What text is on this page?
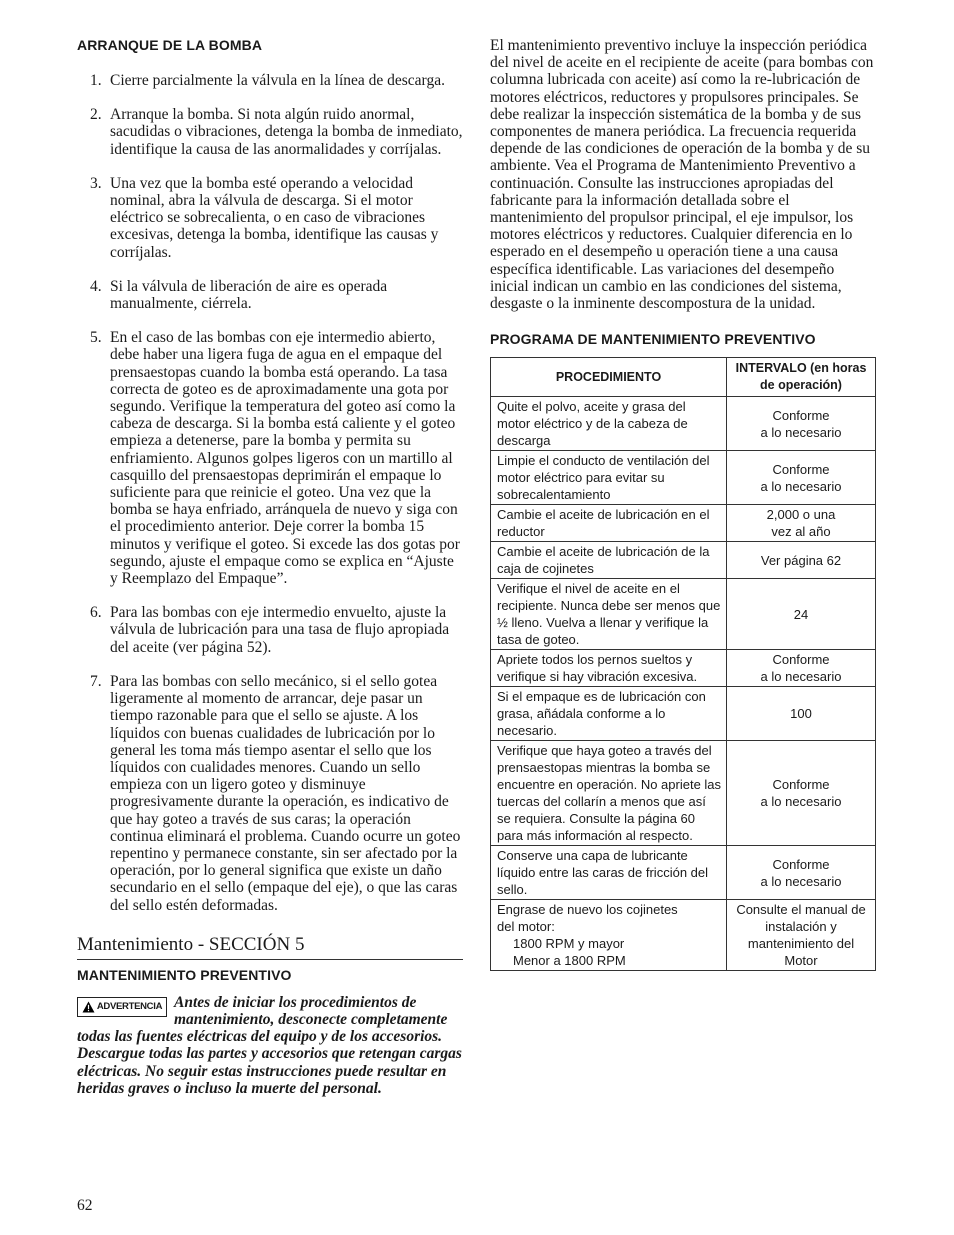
ARRANQUE DE LA BOMBA
1. Cierre parcialmente la válvula en la línea de descarga.
2. Arranque la bomba. Si nota algún ruido anormal, sacudidas o vibraciones, detenga la bomba de inmediato, identifique la causa de las anormalidades y corríjalas.
3. Una vez que la bomba esté operando a velocidad nominal, abra la válvula de descarga. Si el motor eléctrico se sobrecalienta, o en caso de vibraciones excesivas, detenga la bomba, identifique las causas y corríjalas.
4. Si la válvula de liberación de aire es operada manualmente, ciérrela.
5. En el caso de las bombas con eje intermedio abierto, debe haber una ligera fuga de agua en el empaque del prensaestopas cuando la bomba está operando. La tasa correcta de goteo es de aproximadamente una gota por segundo. Verifique la temperatura del goteo así como la cabeza de descarga. Si la bomba está caliente y el goteo empieza a detenerse, pare la bomba y permita su enfriamiento. Algunos golpes ligeros con un martillo al casquillo del prensaestopas deprimirán el empaque lo suficiente para que reinicie el goteo. Una vez que la bomba se haya enfriado, arránquela de nuevo y siga con el procedimiento anterior. Deje correr la bomba 15 minutos y verifique el goteo. Si excede las dos gotas por segundo, ajuste el empaque como se explica en “Ajuste y Reemplazo del Empaque”.
6. Para las bombas con eje intermedio envuelto, ajuste la válvula de lubricación para una tasa de flujo apropiada del aceite (ver página 52).
7. Para las bombas con sello mecánico, si el sello gotea ligeramente al momento de arrancar, deje pasar un tiempo razonable para que el sello se ajuste. A los líquidos con buenas cualidades de lubricación por lo general les toma más tiempo asentar el sello que los líquidos con cualidades menores. Cuando un sello empieza con un ligero goteo y disminuye progresivamente durante la operación, es indicativo de que hay goteo a través de sus caras; la operación continua eliminará el problema. Cuando ocurre un goteo repentino y permanece constante, sin ser afectado por la operación, por lo general significa que existe un daño secundario en el sello (empaque del eje), o que las caras del sello estén deformadas.
Mantenimiento - SECCIÓN 5
MANTENIMIENTO PREVENTIVO
ADVERTENCIA Antes de iniciar los procedimientos de mantenimiento, desconecte completamente todas las fuentes eléctricas del equipo y de los accesorios. Descargue todas las partes y accesorios que retengan cargas eléctricas. No seguir estas instrucciones puede resultar en heridas graves o incluso la muerte del personal.
62
El mantenimiento preventivo incluye la inspección periódica del nivel de aceite en el recipiente de aceite (para bombas con columna lubricada con aceite) así como la re-lubricación de motores eléctricos, reductores y propulsores principales. Se debe realizar la inspección sistemática de la bomba y de sus componentes de manera periódica. La frecuencia requerida depende de las condiciones de operación de la bomba y de su ambiente. Vea el Programa de Mantenimiento Preventivo a continuación. Consulte las instrucciones apropiadas del fabricante para la información detallada sobre el mantenimiento del propulsor principal, el eje impulsor, los motores eléctricos y reductores. Cualquier diferencia en lo esperado en el desempeño u operación tiene a una causa específica identificable. Las variaciones del desempeño inicial indican un cambio en las condiciones del sistema, desgaste o la inminente descompostura de la unidad.
PROGRAMA DE MANTENIMIENTO PREVENTIVO
PROCEDIMIENTO	INTERVALO (en horas de operación)
Quite el polvo, aceite y grasa del motor eléctrico y de la cabeza de descarga	Conforme
a lo necesario

Limpie el conducto de ventilación del motor eléctrico para evitar su sobrecalentamiento	Conforme
a lo necesario

Cambie el aceite de lubricación en el reductor	2,000 o una
vez al año

Cambie el aceite de lubricación de la caja de cojinetes	Ver página 62

Verifique el nivel de aceite en el recipiente. Nunca debe ser menos que ½ lleno. Vuelva a llenar y verifique la tasa de goteo.	24

Apriete todos los pernos sueltos y verifique si hay vibración excesiva.	Conforme
a lo necesario

Si el empaque es de lubricación con grasa, añádala conforme a lo necesario.	100

Verifique que haya goteo a través del prensaestopas mientras la bomba se encuentre en operación. No apriete las tuercas del collarín a menos que así se requiera. Consulte la página 60 para más información al respecto.	Conforme
a lo necesario

Conserve una capa de lubricante líquido entre las caras de fricción del sello.	Conforme
a lo necesario

Engrase de nuevo los cojinetes
del motor:
1800 RPM y mayor
Menor a 1800 RPM	Consulte el manual de instalación y mantenimiento del Motor
